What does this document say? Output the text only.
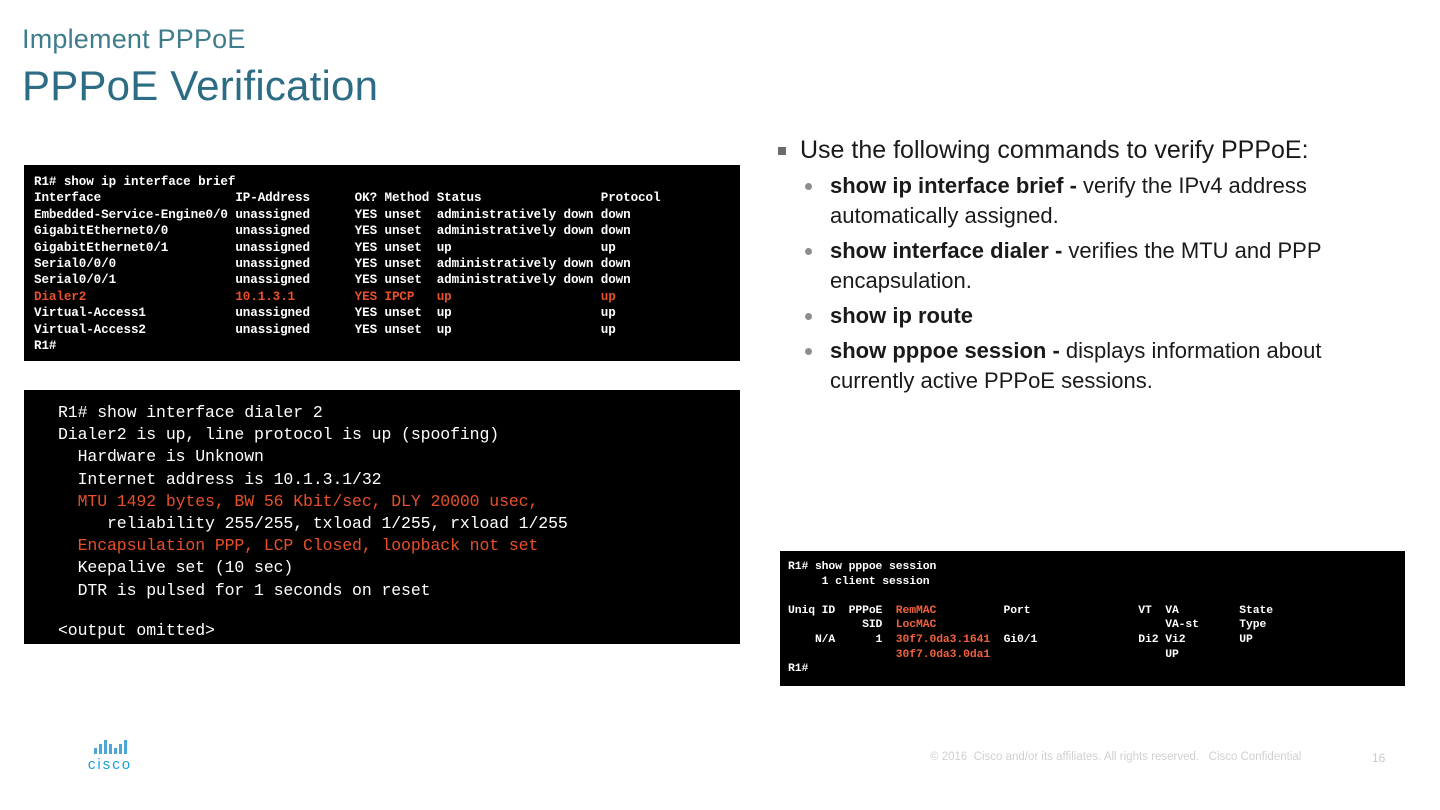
Implement PPPoE
PPPoE Verification
R1# show ip interface brief
Interface                  IP-Address      OK? Method Status                Protocol
Embedded-Service-Engine0/0 unassigned      YES unset  administratively down down
GigabitEthernet0/0         unassigned      YES unset  administratively down down
GigabitEthernet0/1         unassigned      YES unset  up                    up
Serial0/0/0                unassigned      YES unset  administratively down down
Serial0/0/1                unassigned      YES unset  administratively down down
Dialer2                    10.1.3.1        YES IPCP   up                    up
Virtual-Access1            unassigned      YES unset  up                    up
Virtual-Access2            unassigned      YES unset  up                    up
R1#
R1# show interface dialer 2
Dialer2 is up, line protocol is up (spoofing)
Hardware is Unknown
Internet address is 10.1.3.1/32
MTU 1492 bytes, BW 56 Kbit/sec, DLY 20000 usec,
reliability 255/255, txload 1/255, rxload 1/255
Encapsulation PPP, LCP Closed, loopback not set
Keepalive set (10 sec)
DTR is pulsed for 1 seconds on reset
<output omitted>
Use the following commands to verify PPPoE:
show ip interface brief - verify the IPv4 address automatically assigned.
show interface dialer - verifies the MTU and PPP encapsulation.
show ip route
show pppoe session - displays information about currently active PPPoE sessions.
R1# show pppoe session
1 client session

Uniq ID  PPPoE  RemMAC          Port                VT  VA         State
SID  LocMAC                                  VA-st      Type
N/A      1  30f7.0da3.1641  Gi0/1               Di2 Vi2        UP
30f7.0da3.0da1                          UP
R1#
cisco	© 2016  Cisco and/or its affiliates. All rights reserved.   Cisco Confidential	16
